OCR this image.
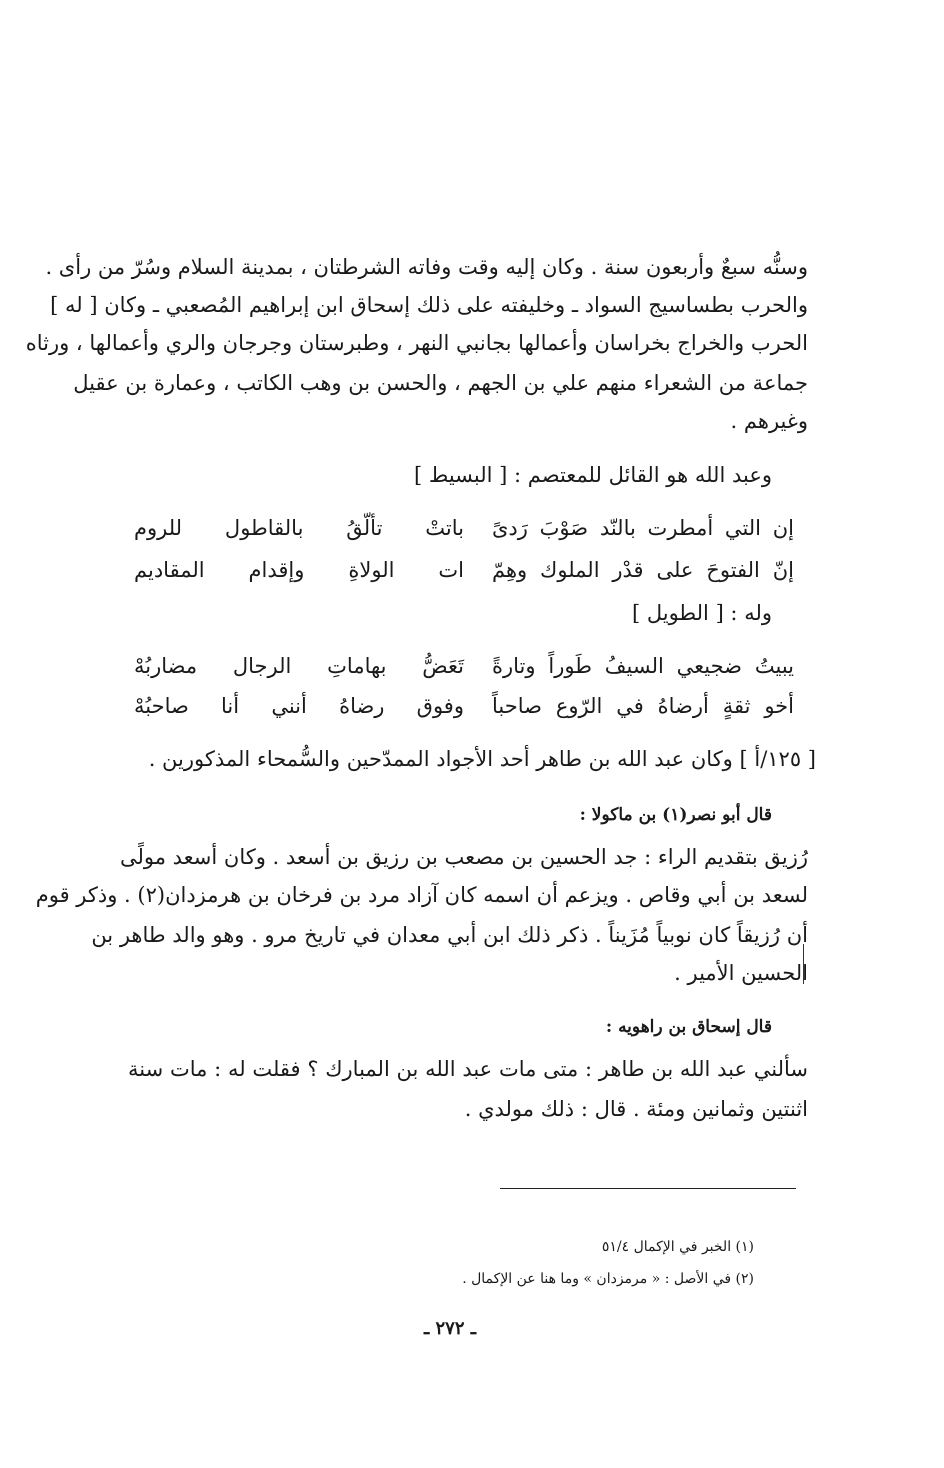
وسنُّه سبعٌ وأربعون سنة . وكان إليه وقت وفاته الشرطتان ، بمدينة السلام وسُرّ من رأى .
والحرب بطساسيج السواد ـ وخليفته على ذلك إسحاق ابن إبراهيم المُصعبي ـ وكان [ له ]
الحرب والخراج بخراسان وأعمالها بجانبي النهر ، وطبرستان وجرجان والري وأعمالها ، ورثاه
جماعة من الشعراء منهم علي بن الجهم ، والحسن بن وهب الكاتب ، وعمارة بن عقيل
وغيرهم .
وعبد الله هو القائل للمعتصم : [ البسيط ]
إن التي أمطرت بالنّد صَوْبَ رَدىً
باتتْ تألّقُ بالقاطول للروم
إنّ الفتوحَ على قدْر الملوك وهِمّ
ات الولاةِ وإقدام المقاديم
وله : [ الطويل ]
يبيتُ ضجيعي السيفُ طَوراً وتارةً
تَعَضُّ بهاماتِ الرجال مضاربُهْ
أخو ثقةٍ أرضاهُ في الرّوع صاحباً
وفوق رضاهُ أنني أنا صاحبُهْ
[ ١٢٥/أ ] وكان عبد الله بن طاهر أحد الأجواد الممدّحين والسُّمحاء المذكورين .
قال أبو نصر(١) بن ماكولا :
رُزيق بتقديم الراء : جد الحسين بن مصعب بن رزيق بن أسعد . وكان أسعد مولًى
لسعد بن أبي وقاص . ويزعم أن اسمه كان آزاد مرد بن فرخان بن هرمزدان(٢) . وذكر قوم
أن رُزيقاً كان نوبياً مُزَيناً . ذكر ذلك ابن أبي معدان في تاريخ مرو . وهو والد طاهر بن
الحسين الأمير .
قال إسحاق بن راهويه :
سألني عبد الله بن طاهر : متى مات عبد الله بن المبارك ؟ فقلت له : مات سنة
اثنتين وثمانين ومئة . قال : ذلك مولدي .
(١) الخبر في الإكمال ٥١/٤
(٢) في الأصل : « مرمزدان » وما هنا عن الإكمال .
ـ ٢٧٢ ـ
